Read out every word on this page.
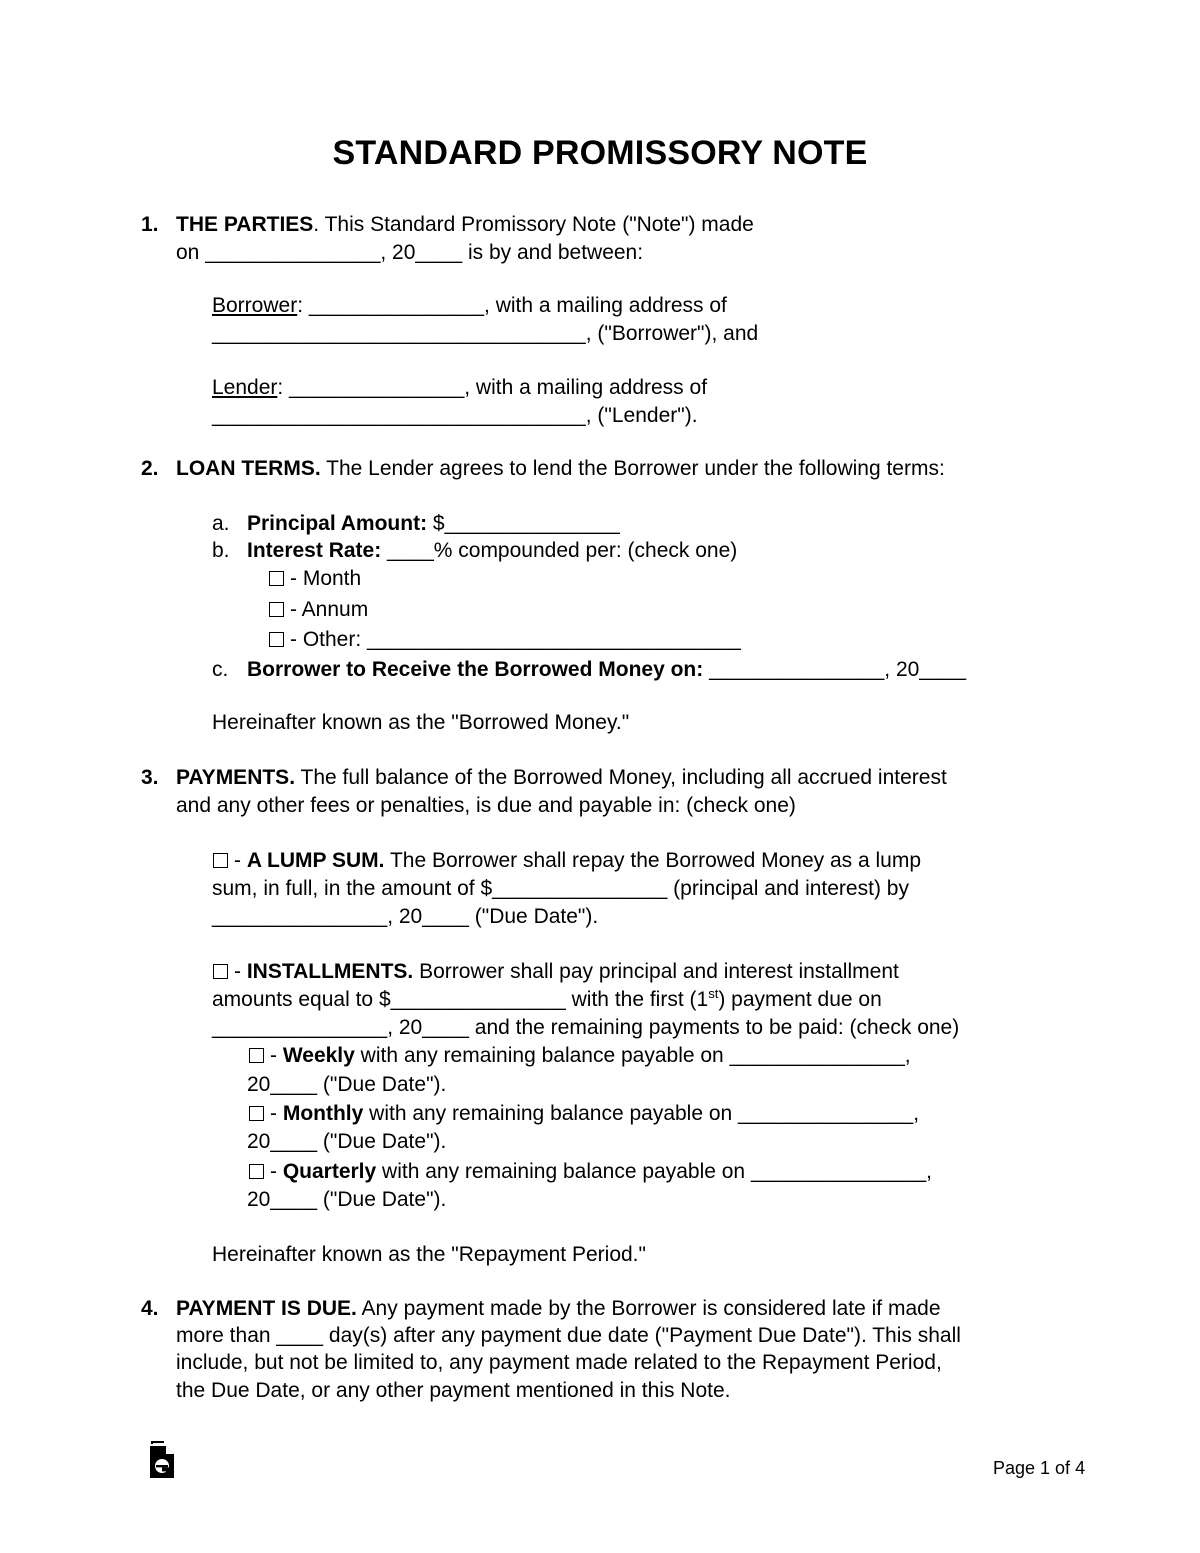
STANDARD PROMISSORY NOTE
1. THE PARTIES. This Standard Promissory Note ("Note") made
on _______________, 20____ is by and between:
Borrower: _______________, with a mailing address of
________________________________, ("Borrower"), and
Lender: _______________, with a mailing address of
________________________________, ("Lender").
2. LOAN TERMS. The Lender agrees to lend the Borrower under the following terms:
a. Principal Amount: $_______________
b. Interest Rate: ____% compounded per: (check one)
- Month
- Annum
- Other: ________________________________
c. Borrower to Receive the Borrowed Money on: _______________, 20____
Hereinafter known as the "Borrowed Money."
3. PAYMENTS. The full balance of the Borrowed Money, including all accrued interest
and any other fees or penalties, is due and payable in: (check one)
- A LUMP SUM. The Borrower shall repay the Borrowed Money as a lump
sum, in full, in the amount of $_______________ (principal and interest) by
_______________, 20____ ("Due Date").
- INSTALLMENTS. Borrower shall pay principal and interest installment
amounts equal to $_______________ with the first (1st) payment due on
_______________, 20____ and the remaining payments to be paid: (check one)
- Weekly with any remaining balance payable on _______________,
20____ ("Due Date").
- Monthly with any remaining balance payable on _______________,
20____ ("Due Date").
- Quarterly with any remaining balance payable on _______________,
20____ ("Due Date").
Hereinafter known as the "Repayment Period."
4. PAYMENT IS DUE. Any payment made by the Borrower is considered late if made
more than ____ day(s) after any payment due date ("Payment Due Date"). This shall
include, but not be limited to, any payment made related to the Repayment Period,
the Due Date, or any other payment mentioned in this Note.
Page 1 of 4
